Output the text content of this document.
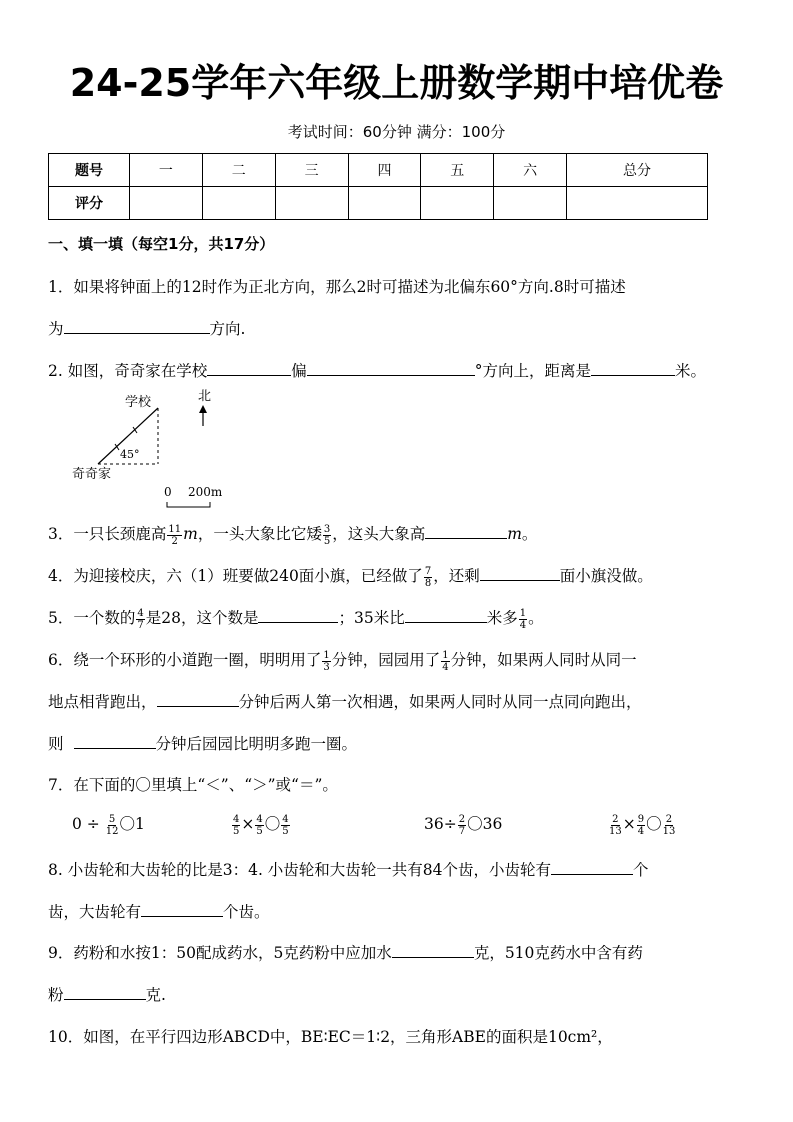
24-25学年六年级上册数学期中培优卷
考试时间：60分钟 满分：100分
题号	一	二	三	四	五	六	总分
评分							
一、填一填（每空1分，共17分）
1．如果将钟面上的12时作为正北方向，那么2时可描述为北偏东60°方向.8时可描述
为	方向.
2. 如图，奇奇家在学校	偏	°方向上，距离是	米。
学校	北
45°
奇奇家
0 200m
3．一只长颈鹿高 $\frac{11}{2}$ m，一头大象比它矮 $\frac{3}{5}$ ，这头大象高	m。
4．为迎接校庆，六（1）班要做240面小旗，已经做了 $\frac{7}{8}$ ，还剩	面小旗没做。
5．一个数的 $\frac{4}{7}$ 是28，这个数是	；35米比	米多 $\frac{1}{4}$ 。
6．绕一个环形的小道跑一圈，明明用了 $\frac{1}{3}$ 分钟，园园用了 $\frac{1}{4}$ 分钟，如果两人同时从同一
地点相背跑出，	分钟后两人第一次相遇，如果两人同时从同一点同向跑出，
则	分钟后园园比明明多跑一圈。
7．在下面的〇里填上“＜”、“＞”或“＝”。
$0 \div \frac{5}{12}$ 〇1	$\frac{4}{5} \times \frac{4}{5}$ 〇 $\frac{4}{5}$	$36\div \frac{2}{7}$ 〇36	$\frac{2}{13} \times \frac{9}{4}$ 〇 $\frac{2}{13}$
8. 小齿轮和大齿轮的比是3：4. 小齿轮和大齿轮一共有84个齿，小齿轮有	个
齿，大齿轮有	个齿。
9．药粉和水按1：50配成药水，5克药粉中应加水	克，510克药水中含有药
粉	克.
10．如图，在平行四边形ABCD中，BE∶EC＝1∶2，三角形ABE的面积是10cm²，
